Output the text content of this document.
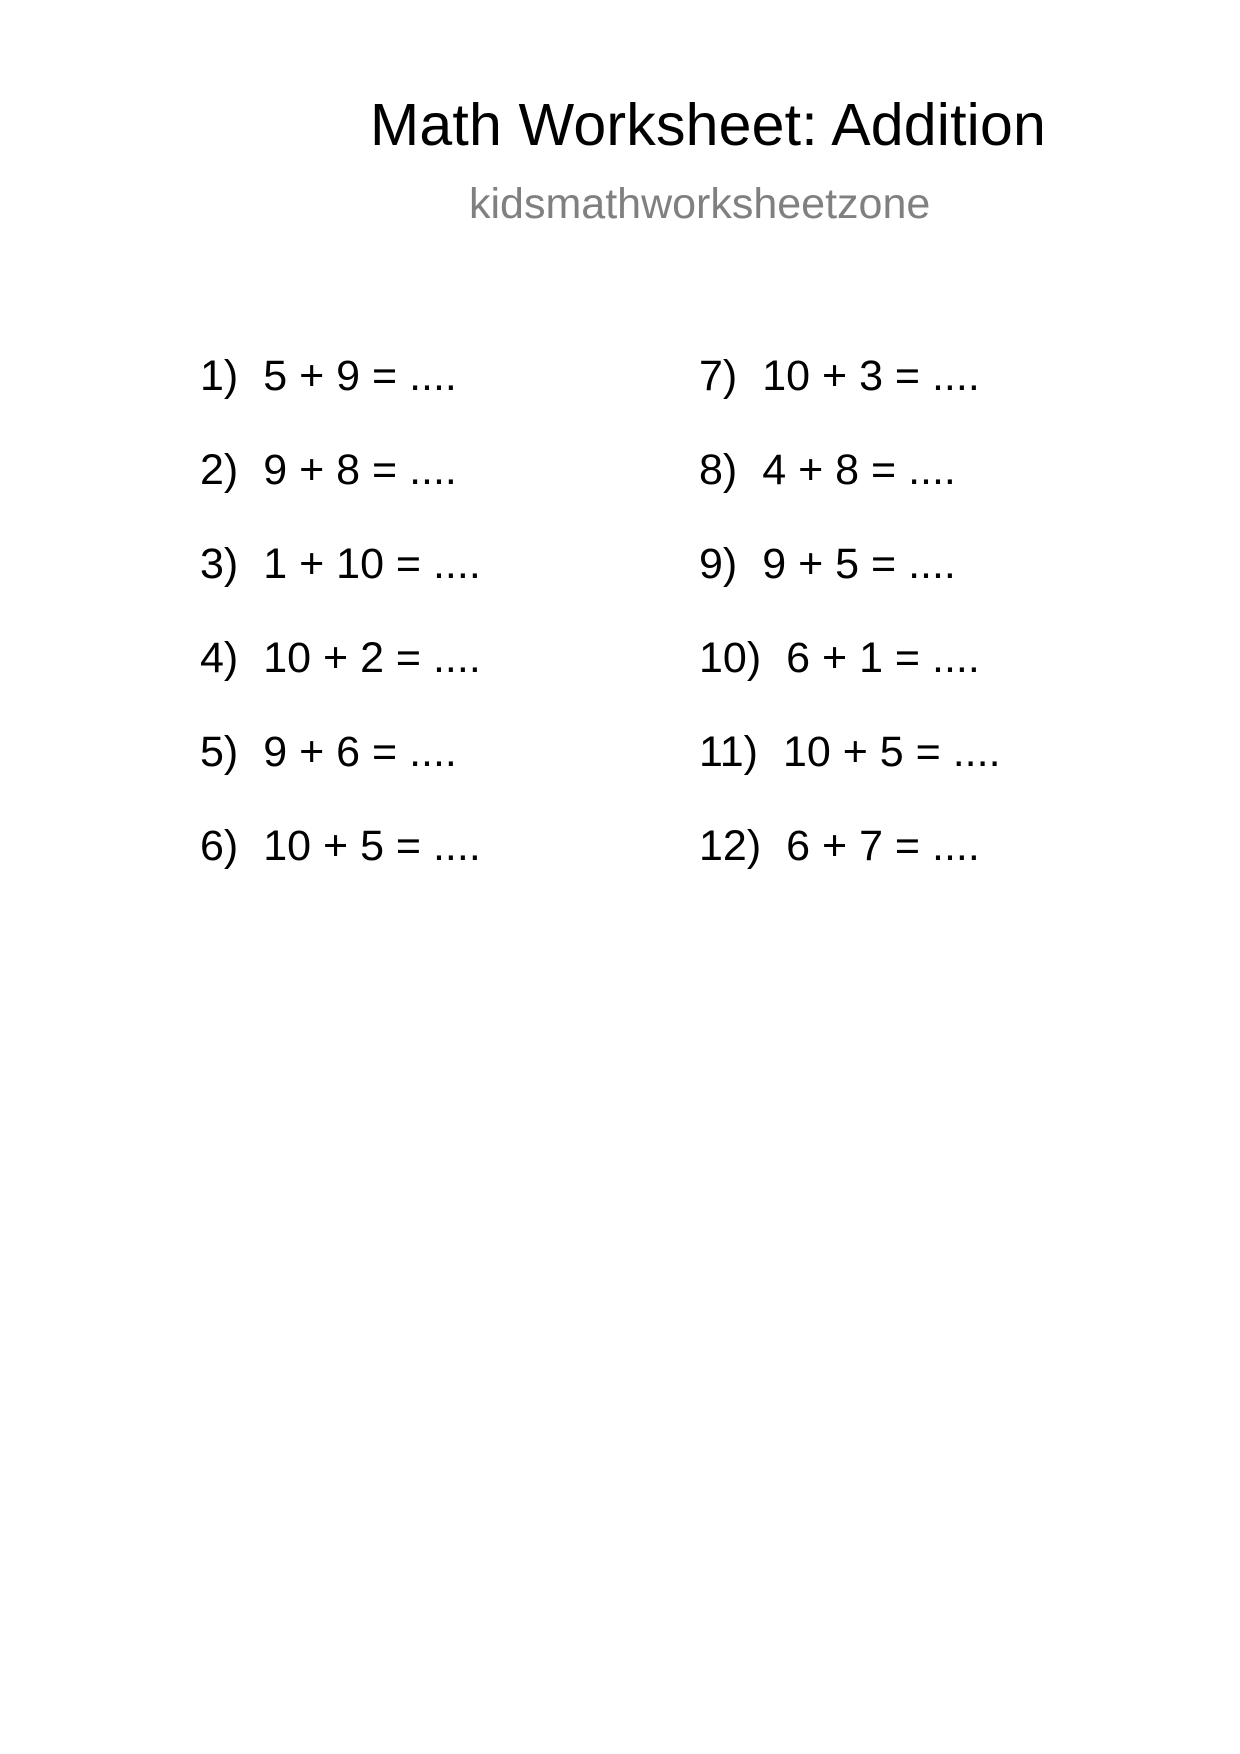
Math Worksheet: Addition
kidsmathworksheetzone
1) 5 + 9 = ....
2) 9 + 8 = ....
3) 1 + 10 = ....
4) 10 + 2 = ....
5) 9 + 6 = ....
6) 10 + 5 = ....
7) 10 + 3 = ....
8) 4 + 8 = ....
9) 9 + 5 = ....
10) 6 + 1 = ....
11) 10 + 5 = ....
12) 6 + 7 = ....
